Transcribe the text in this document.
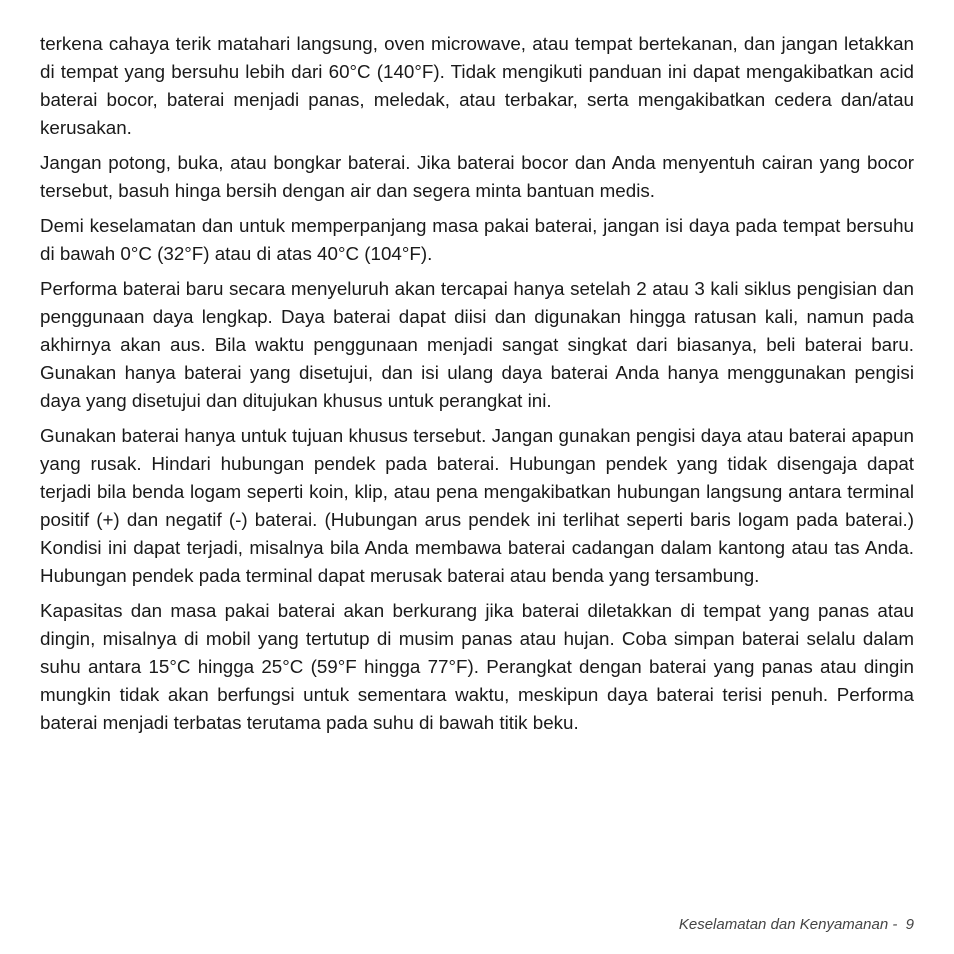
terkena cahaya terik matahari langsung, oven microwave, atau tempat bertekanan, dan jangan letakkan di tempat yang bersuhu lebih dari 60°C (140°F). Tidak mengikuti panduan ini dapat mengakibatkan acid baterai bocor, baterai menjadi panas, meledak, atau terbakar, serta mengakibatkan cedera dan/atau kerusakan.

Jangan potong, buka, atau bongkar baterai. Jika baterai bocor dan Anda menyentuh cairan yang bocor tersebut, basuh hinga bersih dengan air dan segera minta bantuan medis.

Demi keselamatan dan untuk memperpanjang masa pakai baterai, jangan isi daya pada tempat bersuhu di bawah 0°C (32°F) atau di atas 40°C (104°F).

Performa baterai baru secara menyeluruh akan tercapai hanya setelah 2 atau 3 kali siklus pengisian dan penggunaan daya lengkap. Daya baterai dapat diisi dan digunakan hingga ratusan kali, namun pada akhirnya akan aus. Bila waktu penggunaan menjadi sangat singkat dari biasanya, beli baterai baru. Gunakan hanya baterai yang disetujui, dan isi ulang daya baterai Anda hanya menggunakan pengisi daya yang disetujui dan ditujukan khusus untuk perangkat ini.

Gunakan baterai hanya untuk tujuan khusus tersebut. Jangan gunakan pengisi daya atau baterai apapun yang rusak. Hindari hubungan pendek pada baterai. Hubungan pendek yang tidak disengaja dapat terjadi bila benda logam seperti koin, klip, atau pena mengakibatkan hubungan langsung antara terminal positif (+) dan negatif (-) baterai. (Hubungan arus pendek ini terlihat seperti baris logam pada baterai.) Kondisi ini dapat terjadi, misalnya bila Anda membawa baterai cadangan dalam kantong atau tas Anda. Hubungan pendek pada terminal dapat merusak baterai atau benda yang tersambung.

Kapasitas dan masa pakai baterai akan berkurang jika baterai diletakkan di tempat yang panas atau dingin, misalnya di mobil yang tertutup di musim panas atau hujan. Coba simpan baterai selalu dalam suhu antara 15°C hingga 25°C (59°F hingga 77°F). Perangkat dengan baterai yang panas atau dingin mungkin tidak akan berfungsi untuk sementara waktu, meskipun daya baterai terisi penuh. Performa baterai menjadi terbatas terutama pada suhu di bawah titik beku.

Keselamatan dan Kenyamanan -  9
